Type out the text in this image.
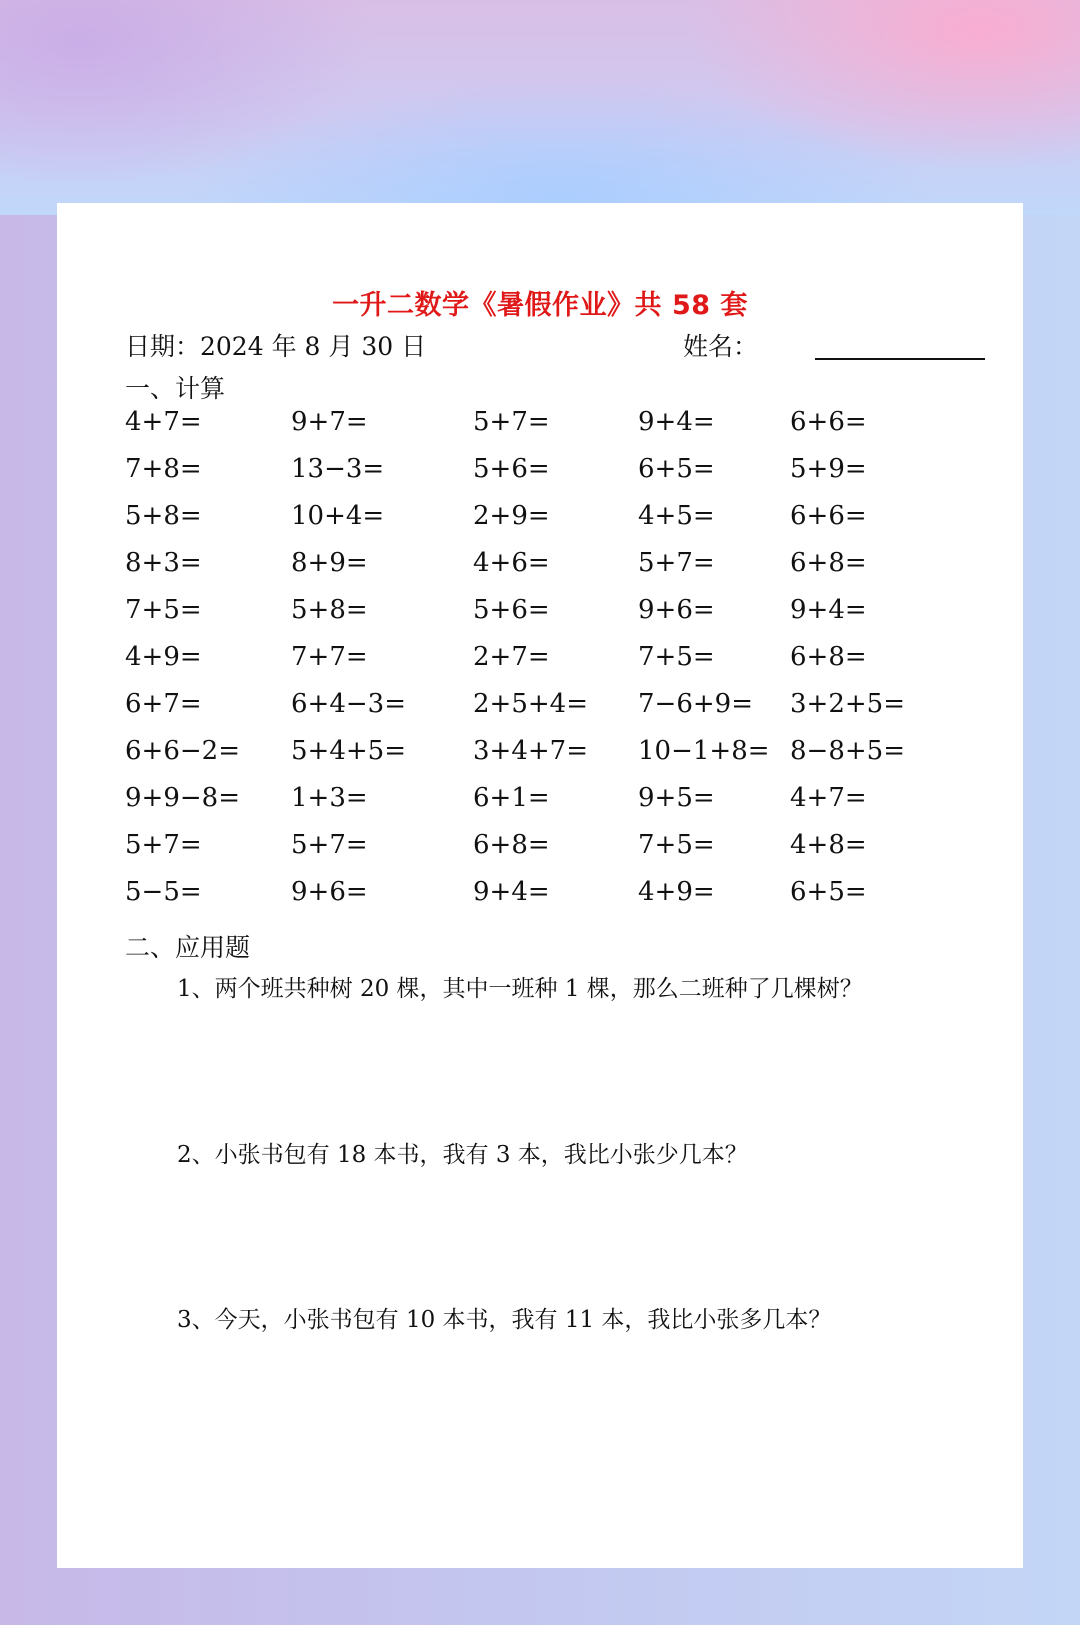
一升二数学《暑假作业》共 58 套
日期：2024 年 8 月 30 日	姓名：
一、计算
4+7=	9+7=	5+7=	9+4=	6+6=
7+8=	13−3=	5+6=	6+5=	5+9=
5+8=	10+4=	2+9=	4+5=	6+6=
8+3=	8+9=	4+6=	5+7=	6+8=
7+5=	5+8=	5+6=	9+6=	9+4=
4+9=	7+7=	2+7=	7+5=	6+8=
6+7=	6+4−3=	2+5+4= 7−6+9= 3+2+5=
6+6−2= 5+4+5=	3+4+7= 10−1+8= 8−8+5=
9+9−8= 1+3=	6+1=	9+5=	4+7=
5+7=	5+7=	6+8=	7+5=	4+8=
5−5=	9+6=	9+4=	4+9=	6+5=
二、应用题
1、两个班共种树 20 棵，其中一班种 1 棵，那么二班种了几棵树？
2、小张书包有 18 本书，我有 3 本，我比小张少几本？
3、今天，小张书包有 10 本书，我有 11 本，我比小张多几本？
